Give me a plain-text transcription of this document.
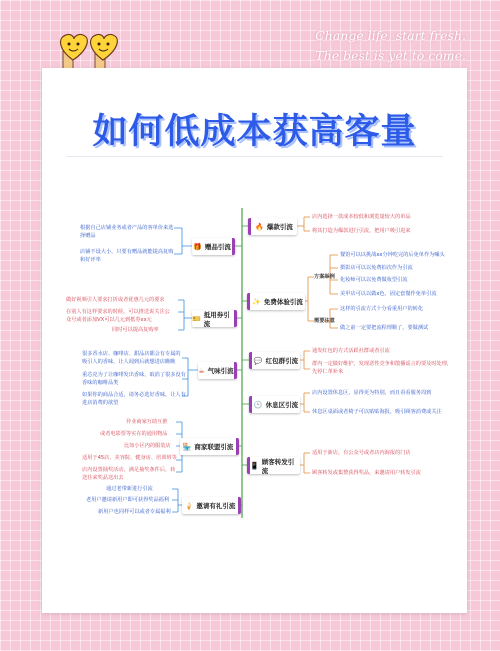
Change life, start fresh.
The best is yet to come.
如何低成本获高客量
🎁 赠品引流
根据自己店铺业务或者产品的客单价来选
择赠品
店铺不设大小，只要有赠品就能提高复购
和好评率
🎫 抵用券引流
做好视频引人要求打折或者优惠几元的要求
在别人有这样要求的时候，可以推送说关注公
众号或者添加VX可以几元到抵券xx元
同时可以提高复购率
☕ 气味引流
很多香水店、咖啡店、甜品店都会有专属的
吸引人的香味，让人闻到后就想进店瞧瞧
重芯克为了让咖啡发出香味，取消了很多没有
香味的咖啡品类
如果你的商品合适，请务必选好香味，让人有
进店消费的欲望
🏪 商家联盟引流
异业商家互助互推
或者电影票等实在的通用物品
比如小区内的服装店
适用于45店、美容院、健身房、培训班等
店内设置抽奖活动，满足抽奖条件后，转
送往来奖品送出去
🍦 邀请有礼引流
通过老带新进行引流
老用户邀请新用户即可获得奖品福利
新用户也同样可以或者专属福利
🔥 爆款引流
店内选择一款成本较低和浏览量较大的单品
将其打造为爆款进行引流，把用户吸引进来
✨ 免费体验引流
方案举例
餐馆可以以挑战xx分钟吃完的后免单作为噱头
摄影店可以以免费拍次作为引流
化妆师可以以免费做妆型引流
美甲店可以以做x色，固定套餐作免单引流
需要注意
这样的引流方式十分看重用户的转化
做之前一定要把流程理顺了，要做测试
💬 红包群引流
通发红包的方式活跃社群或者引流
群内一定做好维护，发现恶性竞争和散播谣言的要及时处理，
先停仁革补米
🕒 休息区引流
店内设置休息区，显得更为特别，而且看看服务周到
休息区桌面或者椅子可以贴贴海报，吸引顾客消费或关注
📱 顾客转发引流
适用于新店，有公众号或者店内海报的门店
顾客转发或集赞获得奖品，来邀请用户转发引流
